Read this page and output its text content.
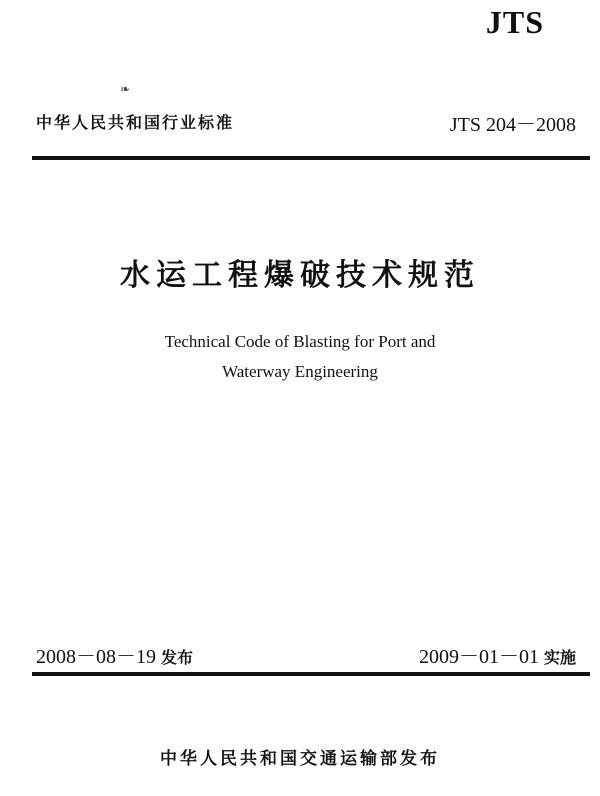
JTS
❧
中华人民共和国行业标准	JTS 204－2008
水运工程爆破技术规范
Technical Code of Blasting for Port and
Waterway Engineering
2008－08－19 发布	2009－01－01 实施
中华人民共和国交通运输部发布
